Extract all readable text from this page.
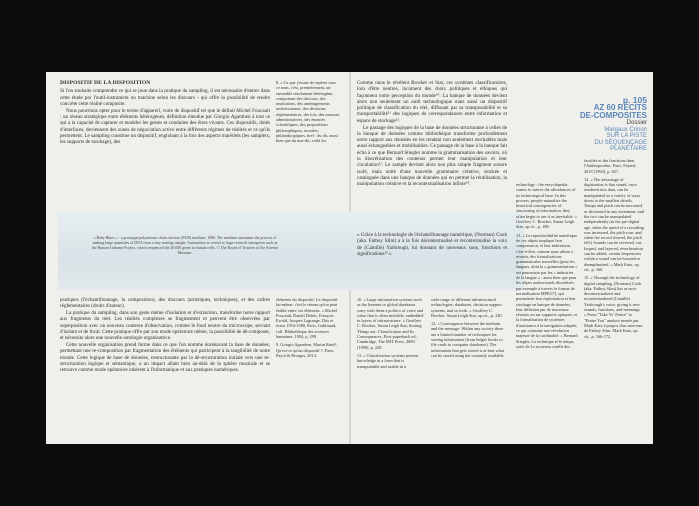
p. 105
AZ 60 RÉCITS
DE-COMPOSITES
Dossier
Margaux Crinon
SUR LA PISTE
DU SÉQUENÇAGE
PLANÉTAIRE
DISPOSITIF DE LA DISPOSITION

Si l'on souhaite comprendre ce qui se joue dans la pratique du sampling, il est nécessaire d'entrer dans cette étude par l'outil-instrument ou machine selon les discours - qui offre la possibilité de rendre concrète cette réalité composite.

Nous pourrions opter pour le terme d'appareil, voire de dispositif tel que le définit Michel Foucault : un réseau stratégique entre éléments hétérogènes, définition étendue par Giorgio Agamben à tout ce qui a la capacité de capturer et modeler les gestes et conduites des êtres vivants. Ces dispositifs, dotés d'interfaces, deviennent des zones de négociation active entre différents régimes de réalités et ce qu'ils permettent. Le sampling constitue un dispositif, englobant à la fois des aspects matériels (les samplers, les supports de stockage), des

8. « Ce que j'essaie de repérer sous ce nom, c'est, premièrement, un ensemble résolument hétérogène, comportant des discours, des institutions, des aménagements architecturaux, des décisions réglementaires, des lois, des mesures administratives, des énoncés scientifiques, des propositions philosophiques, morales, philanthropiques, bref : du dit, aussi bien que du non-dit, voilà les

« Baby Blues » - a prototype polymerase chain reaction (PCR) machine, 1986. The machine automates the process of making large quantities of DNA from a tiny starting sample. Automation is central to huge research enterprises such as the Human Genome Project, which sequenced the 20,000 genes in human cells. © The Board of Trustees of the Science Museum.

pratiques (l'échantillonnage, la composition), des discours (artistiques, techniques), et des cadres réglementaires (droits d'auteur).

La pratique du sampling, dans son geste même d'isolation et d'extraction, transforme notre rapport aux fragments du réel. Les réalités complexes se fragmentent et peuvent être observées par superposition avec un nouveau contexte d'observation, comme le fond neutre du microscope, servant d'isolant et de focal. Cette pratique offre par son mode opératoire même, la possibilité de dé-composer, et nécessite alors une nouvelle ontologie organisatrice.

Cette nouvelle organisation prend forme dans ce que l'on nomme dorénavant la base de données, permettant une re-composition par fragmentation des éléments qui participent à la tangibilité de notre monde. Cette logique de base de données, restructurante par la dé-structuration initiale vers une re-structuration logique et sémantique, a un impact allant bien au-delà de la sphère musicale et se retrouve comme mode opératoire inhérent à l'informatique et aux pratiques numériques.

éléments du dispositif. Le dispositif lui-même, c'est le réseau qu'on peut établir entre ces éléments. » Michel Foucault, Daniel Defert, François Ewald, Jacques Lagrange, Dits et écrits 1954-1988, Paris, Gallimard, coll. Bibliothèque des sciences humaines, 1994, p. 299.

9. Giorgio Agamben, Martin Rueff, Qu'est-ce qu'un dispositif ?, Paris, Payot & Rivages, 2014.

Comme nous le révèlent Bowker et Star, ces systèmes classificatoires, loin d'être neutres, incarnent des choix politiques et éthiques qui façonnent notre perception du monde¹⁰. La banque de données devient alors non seulement un outil technologique mais aussi un dispositif politique de classification du réel, diffusant par sa transposabilité et sa transportabilité¹¹ des logiques de correspondances entre information et espace de stockage¹².

Le passage des logiques de la base de données structurante à celles de la banque de données comme bibliothèque transforme profondément notre rapport aux données en les rendant non seulement stockables mais aussi échangeables et mobilisables. Ce passage de la base à la banque fait écho à ce que Bernard Stiegler nomme la grammatisation des savoirs, où la discrétisation des contenus permet leur manipulation et leur circulation¹³. Le sample devient alors non plus simple fragment sonore isolé, mais unité d'une nouvelle grammaire créative, stockée et cataloguée dans une banque de données qui en permet la réutilisation, la manipulation créative et la recontextualisation infinie¹⁴.	technology : the encyclopedia comes to mirror the affordances of its technological base. In this process, people naturalize the historical contingencies of structuring of information, they often begin to see it as inevitable. » Geoffrey C. Bowker, Susan Leigh Star, op.cit., p. 108.

13. « La reproductibilité numérique de ces objets implique leur compression, et leur indexation, c'est-à-dire, comme nous allons y revenir, des formalisations grammaticales nouvelles (pour les langues, dont la « grammatisation » est poursuivie par les « industries de la langue » : aussi bien que pour les objets audiovisuels discrétisés, par exemple à travers le format de normalisation MPEG7), qui permettent leur exploitation et leur stockage en banque de données, leur diffusion par de nouveaux réseaux ou sur supports optiques, et la formalisation de systèmes d'assistance à la navigation adaptés, ce qui constitue une révolution majeure de la cardinalité. » Bernard Stiegler, La technique et le temps, suivi de Le nouveau conflit des

« Grâce à la technologie de l'échantillonnage numérique, (Norman) Cook (aka. Fatboy Slim) a à la fois décontextualisé et recontextualisé la voix de (Camille) Yarbrough, lui donnant de nouveaux sons, fonctions et significations¹⁵ »

10. « Large information systems such as the Internet or global databases carry with them a politics of voice and value that is often invisible, embedded in layers of infrastructure. » Geoffrey C. Bowker, Susan Leigh Star, Sorting Things out: Classification and Its Consequences, First paperback ed., Cambridge, The MIT Press, 2000 [1999], p. 228.

11. « Classification systems present knowledge in a form that is transportable and usable in a

wide range of different infrastructural technologies, databases, decision support systems, and so forth. » Geoffrey C. Bowker, Susan Leigh Star, op.cit., p. 230.

12. « Convergence between the medium and the message: Within any society there are a limited number of techniques for storing information (from ledger books to file cards to computer databases). The information that gets stored is at best what can be stored using the currently available

facultés et des fonctions dans l'Anthropocène, Paris, Fayard, 2018 [1994], p. 827.

14. « The advantage of digitization is that sound, once rendered into data, can be manipulated in a variety of ways down to the smallest details. Tempo and pitch can be increased or decreased in any increment, and the two can be manipulated independently (in the pre-digital age, when the speed of a recording was increased, the pitch rose, and when the record slowed, the pitch fell.) Sounds can be reversed, cut, looped, and layered, reverberation can be added, certain frequencies within a sound can be boosted or deemphasized. » Mark Katz, op. cit., p. 160.

15. « Through the technology of digital sampling, (Norman) Cook (aka. Fatboy Slim) has at once decontextualized and recontextualized (Camille) Yarbrough's voice, giving it new sounds, functions, and meanings. » From "Take Yo' Praise" to "Praise You" analyse menée par Mark Katz à propos d'un morceau de Fatboy Slim. Mark Katz, op. cit., p. 166-172.
